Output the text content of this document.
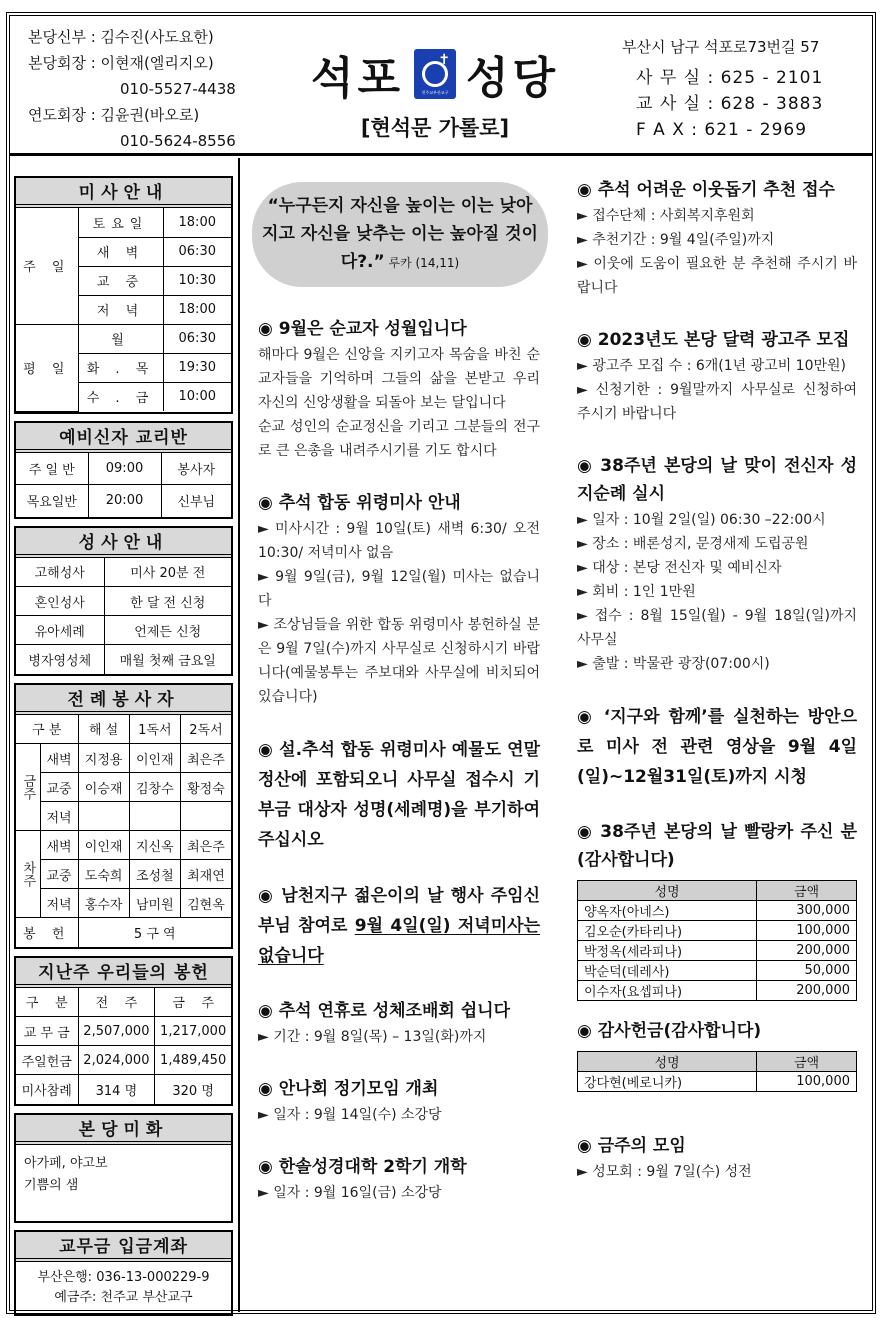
본당신부 : 김수진(사도요한)
본당회장 : 이현재(엘리지오)
010-5527-4438
연도회장 : 김윤권(바오로)
010-5624-8556
석포 ✝
천주교부산교구 성당
[현석문 가롤로]
부산시 남구 석포로73번길 57
사 무 실 : 625 - 2101
교 사 실 : 628 - 3883
F A X : 621 - 2969
미사안내
주 일	토요일	18:00
	새 벽	06:30
	교 중	10:30
	저 녁	18:00
평 일	월	06:30
	화 . 목	19:30
	수 . 금	10:00
예비신자 교리반
주 일 반	09:00	봉사자
목요일반	20:00	신부님
성사안내
고해성사	미사 20분 전
혼인성사	한 달 전 신청
유아세례	언제든 신청
병자영성체	매월 첫째 금요일
전례봉사자
구 분		해 설	1독서	2독서
금주	새벽	지정용	이인재	최은주
	교중	이승재	김창수	황정숙
	저녁			
차주	새벽	이인재	지신옥	최은주
	교중	도숙희	조성철	최재연
	저녁	홍수자	남미원	김현옥
봉 헌		5 구 역		
지난주 우리들의 봉헌
구    분	전    주	금    주
교 무 금	2,507,000	1,217,000
주일헌금	2,024,000	1,489,450
미사참례	314 명	320 명
본당미화
아가페, 야고보
기쁨의 샘
교무금 입금계좌
부산은행: 036-13-000229-9
예금주: 천주교 부산교구
“누구든지 자신을 높이는 이는 낮아지고 자신을 낮추는 이는 높아질 것이다?.” 루카 (14,11)
◉ 9월은 순교자 성월입니다
해마다 9월은 신앙을 지키고자 목숨을 바친 순교자들을 기억하며 그들의 삶을 본받고 우리 자신의 신앙생활을 되돌아 보는 달입니다
순교 성인의 순교정신을 기리고 그분들의 전구로 큰 은총을 내려주시기를 기도 합시다
◉ 추석 합동 위령미사 안내
► 미사시간 : 9월 10일(토) 새벽 6:30/ 오전 10:30/ 저녁미사 없음
► 9월 9일(금), 9월 12일(월) 미사는 없습니다
► 조상님들을 위한 합동 위령미사 봉헌하실 분은 9월 7일(수)까지 사무실로 신청하시기 바랍니다(예물봉투는 주보대와 사무실에 비치되어 있습니다)
◉ 설.추석 합동 위령미사 예물도 연말정산에 포함되오니 사무실 접수시 기부금 대상자 성명(세례명)을 부기하여 주십시오
◉ 남천지구 젊은이의 날 행사 주임신부님 참여로 9월 4일(일) 저녁미사는 없습니다
◉ 추석 연휴로 성체조배회 쉽니다
► 기간 : 9월 8일(목) – 13일(화)까지
◉ 안나회 정기모임 개최
► 일자 : 9월 14일(수) 소강당
◉ 한솔성경대학 2학기 개학
► 일자 : 9월 16일(금) 소강당
◉ 추석 어려운 이웃돕기 추천 접수
► 접수단체 : 사회복지후원회
► 추천기간 : 9월 4일(주일)까지
► 이웃에 도움이 필요한 분 추천해 주시기 바랍니다
◉ 2023년도 본당 달력 광고주 모집
► 광고주 모집 수 : 6개(1년 광고비 10만원)
► 신청기한 : 9월말까지 사무실로 신청하여 주시기 바랍니다
◉ 38주년 본당의 날 맞이 전신자 성지순례 실시
► 일자 : 10월 2일(일) 06:30 –22:00시
► 장소 : 배론성지, 문경새제 도립공원
► 대상 : 본당 전신자 및 예비신자
► 회비 : 1인 1만원
► 접수 : 8월 15일(월) - 9월 18일(일)까지 사무실
► 출발 : 박물관 광장(07:00시)
◉ ‘지구와 함께’를 실천하는 방안으로 미사 전 관련 영상을 9월 4일(일)~12월31일(토)까지 시청
◉ 38주년 본당의 날 빨랑카 주신 분(감사합니다)
성명	금액
양옥자(아네스)	300,000
김오순(카타리나)	100,000
박정옥(세라피나)	200,000
박순덕(데레사)	50,000
이수자(요셉피나)	200,000
◉ 감사헌금(감사합니다)
성명	금액
강다현(베로니카)	100,000
◉ 금주의 모임
► 성모회 : 9월 7일(수) 성전
